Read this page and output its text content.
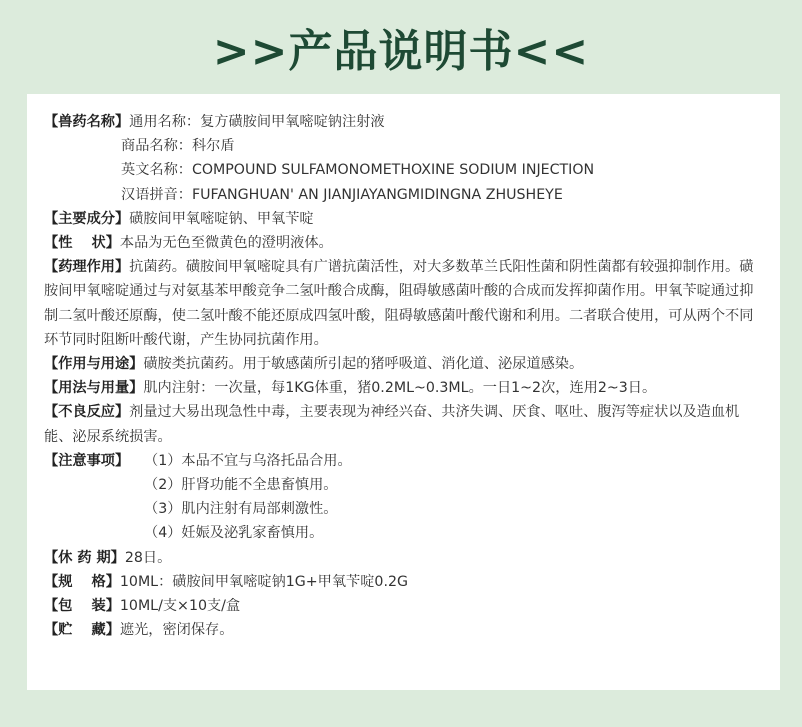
>>产品说明书<<
【兽药名称】 通用名称：复方磺胺间甲氧嘧啶钠注射液
商品名称：科尔盾
英文名称：COMPOUND SULFAMONOMETHOXINE SODIUM INJECTION
汉语拼音：FUFANGHUAN' AN JIANJIAYANGMIDINGNA ZHUSHEYE
【主要成分】 磺胺间甲氧嘧啶钠、甲氧苄啶
【性　 状】 本品为无色至微黄色的澄明液体。
【药理作用】抗菌药。磺胺间甲氧嘧啶具有广谱抗菌活性，对大多数革兰氏阳性菌和阴性菌都有较强抑制作用。磺胺间甲氧嘧啶通过与对氨基苯甲酸竞争二氢叶酸合成酶，阻碍敏感菌叶酸的合成而发挥抑菌作用。甲氧苄啶通过抑制二氢叶酸还原酶，使二氢叶酸不能还原成四氢叶酸，阻碍敏感菌叶酸代谢和利用。二者联合使用，可从两个不同环节同时阻断叶酸代谢，产生协同抗菌作用。
【作用与用途】 磺胺类抗菌药。用于敏感菌所引起的猪呼吸道、消化道、泌尿道感染。
【用法与用量】 肌内注射：一次量，每1KG体重，猪0.2ML~0.3ML。一日1~2次，连用2~3日。
【不良反应】剂量过大易出现急性中毒，主要表现为神经兴奋、共济失调、厌食、呕吐、腹泻等症状以及造血机能、泌尿系统损害。
【注意事项】	（1）本品不宜与乌洛托品合用。
（2）肝肾功能不全患畜慎用。
（3）肌内注射有局部刺激性。
（4）妊娠及泌乳家畜慎用。
【休 药 期】 28日。
【规　 格】 10ML：磺胺间甲氧嘧啶钠1G+甲氧苄啶0.2G
【包　 装】 10ML/支×10支/盒
【贮　 藏】 遮光，密闭保存。
